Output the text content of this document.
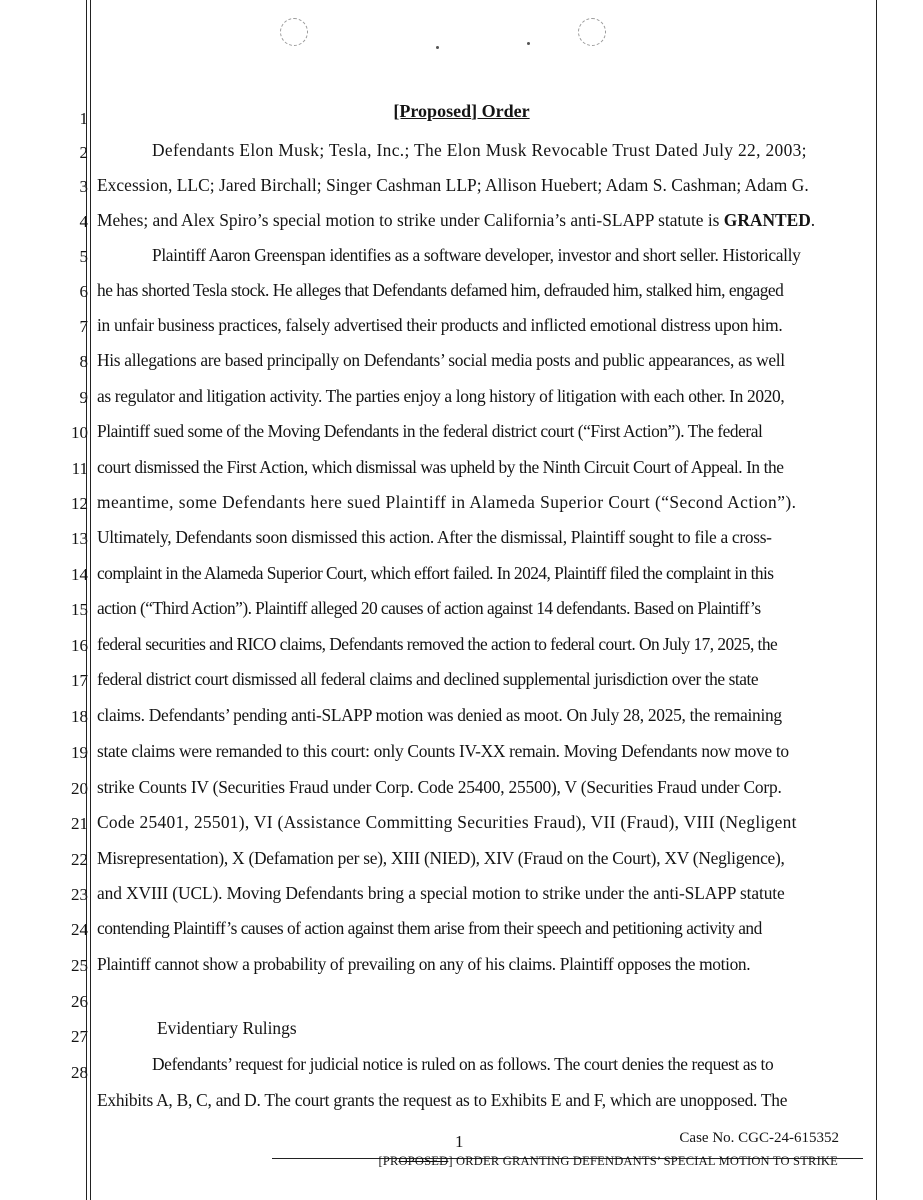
[Proposed] Order
1
2
3
4
5
6
7
8
9
10
11
12
13
14
15
16
17
18
19
20
21
22
23
24
25
26
27
28
Defendants Elon Musk; Tesla, Inc.; The Elon Musk Revocable Trust Dated July 22, 2003;
Excession, LLC; Jared Birchall; Singer Cashman LLP; Allison Huebert; Adam S. Cashman; Adam G.
Mehes; and Alex Spiro’s special motion to strike under California’s anti-SLAPP statute is GRANTED.
Plaintiff Aaron Greenspan identifies as a software developer, investor and short seller. Historically
he has shorted Tesla stock. He alleges that Defendants defamed him, defrauded him, stalked him, engaged
in unfair business practices, falsely advertised their products and inflicted emotional distress upon him.
His allegations are based principally on Defendants’ social media posts and public appearances, as well
as regulator and litigation activity. The parties enjoy a long history of litigation with each other. In 2020,
Plaintiff sued some of the Moving Defendants in the federal district court (“First Action”). The federal
court dismissed the First Action, which dismissal was upheld by the Ninth Circuit Court of Appeal. In the
meantime, some Defendants here sued Plaintiff in Alameda Superior Court (“Second Action”).
Ultimately, Defendants soon dismissed this action. After the dismissal, Plaintiff sought to file a cross-
complaint in the Alameda Superior Court, which effort failed. In 2024, Plaintiff filed the complaint in this
action (“Third Action”). Plaintiff alleged 20 causes of action against 14 defendants. Based on Plaintiff’s
federal securities and RICO claims, Defendants removed the action to federal court. On July 17, 2025, the
federal district court dismissed all federal claims and declined supplemental jurisdiction over the state
claims. Defendants’ pending anti-SLAPP motion was denied as moot. On July 28, 2025, the remaining
state claims were remanded to this court: only Counts IV-XX remain. Moving Defendants now move to
strike Counts IV (Securities Fraud under Corp. Code 25400, 25500), V (Securities Fraud under Corp.
Code 25401, 25501), VI (Assistance Committing Securities Fraud), VII (Fraud), VIII (Negligent
Misrepresentation), X (Defamation per se), XIII (NIED), XIV (Fraud on the Court), XV (Negligence),
and XVIII (UCL). Moving Defendants bring a special motion to strike under the anti-SLAPP statute
contending Plaintiff’s causes of action against them arise from their speech and petitioning activity and
Plaintiff cannot show a probability of prevailing on any of his claims. Plaintiff opposes the motion.
Evidentiary Rulings
Defendants’ request for judicial notice is ruled on as follows. The court denies the request as to
Exhibits A, B, C, and D. The court grants the request as to Exhibits E and F, which are unopposed. The
1	Case No. CGC-24-615352
[PROPOSED] ORDER GRANTING DEFENDANTS’ SPECIAL MOTION TO STRIKE
